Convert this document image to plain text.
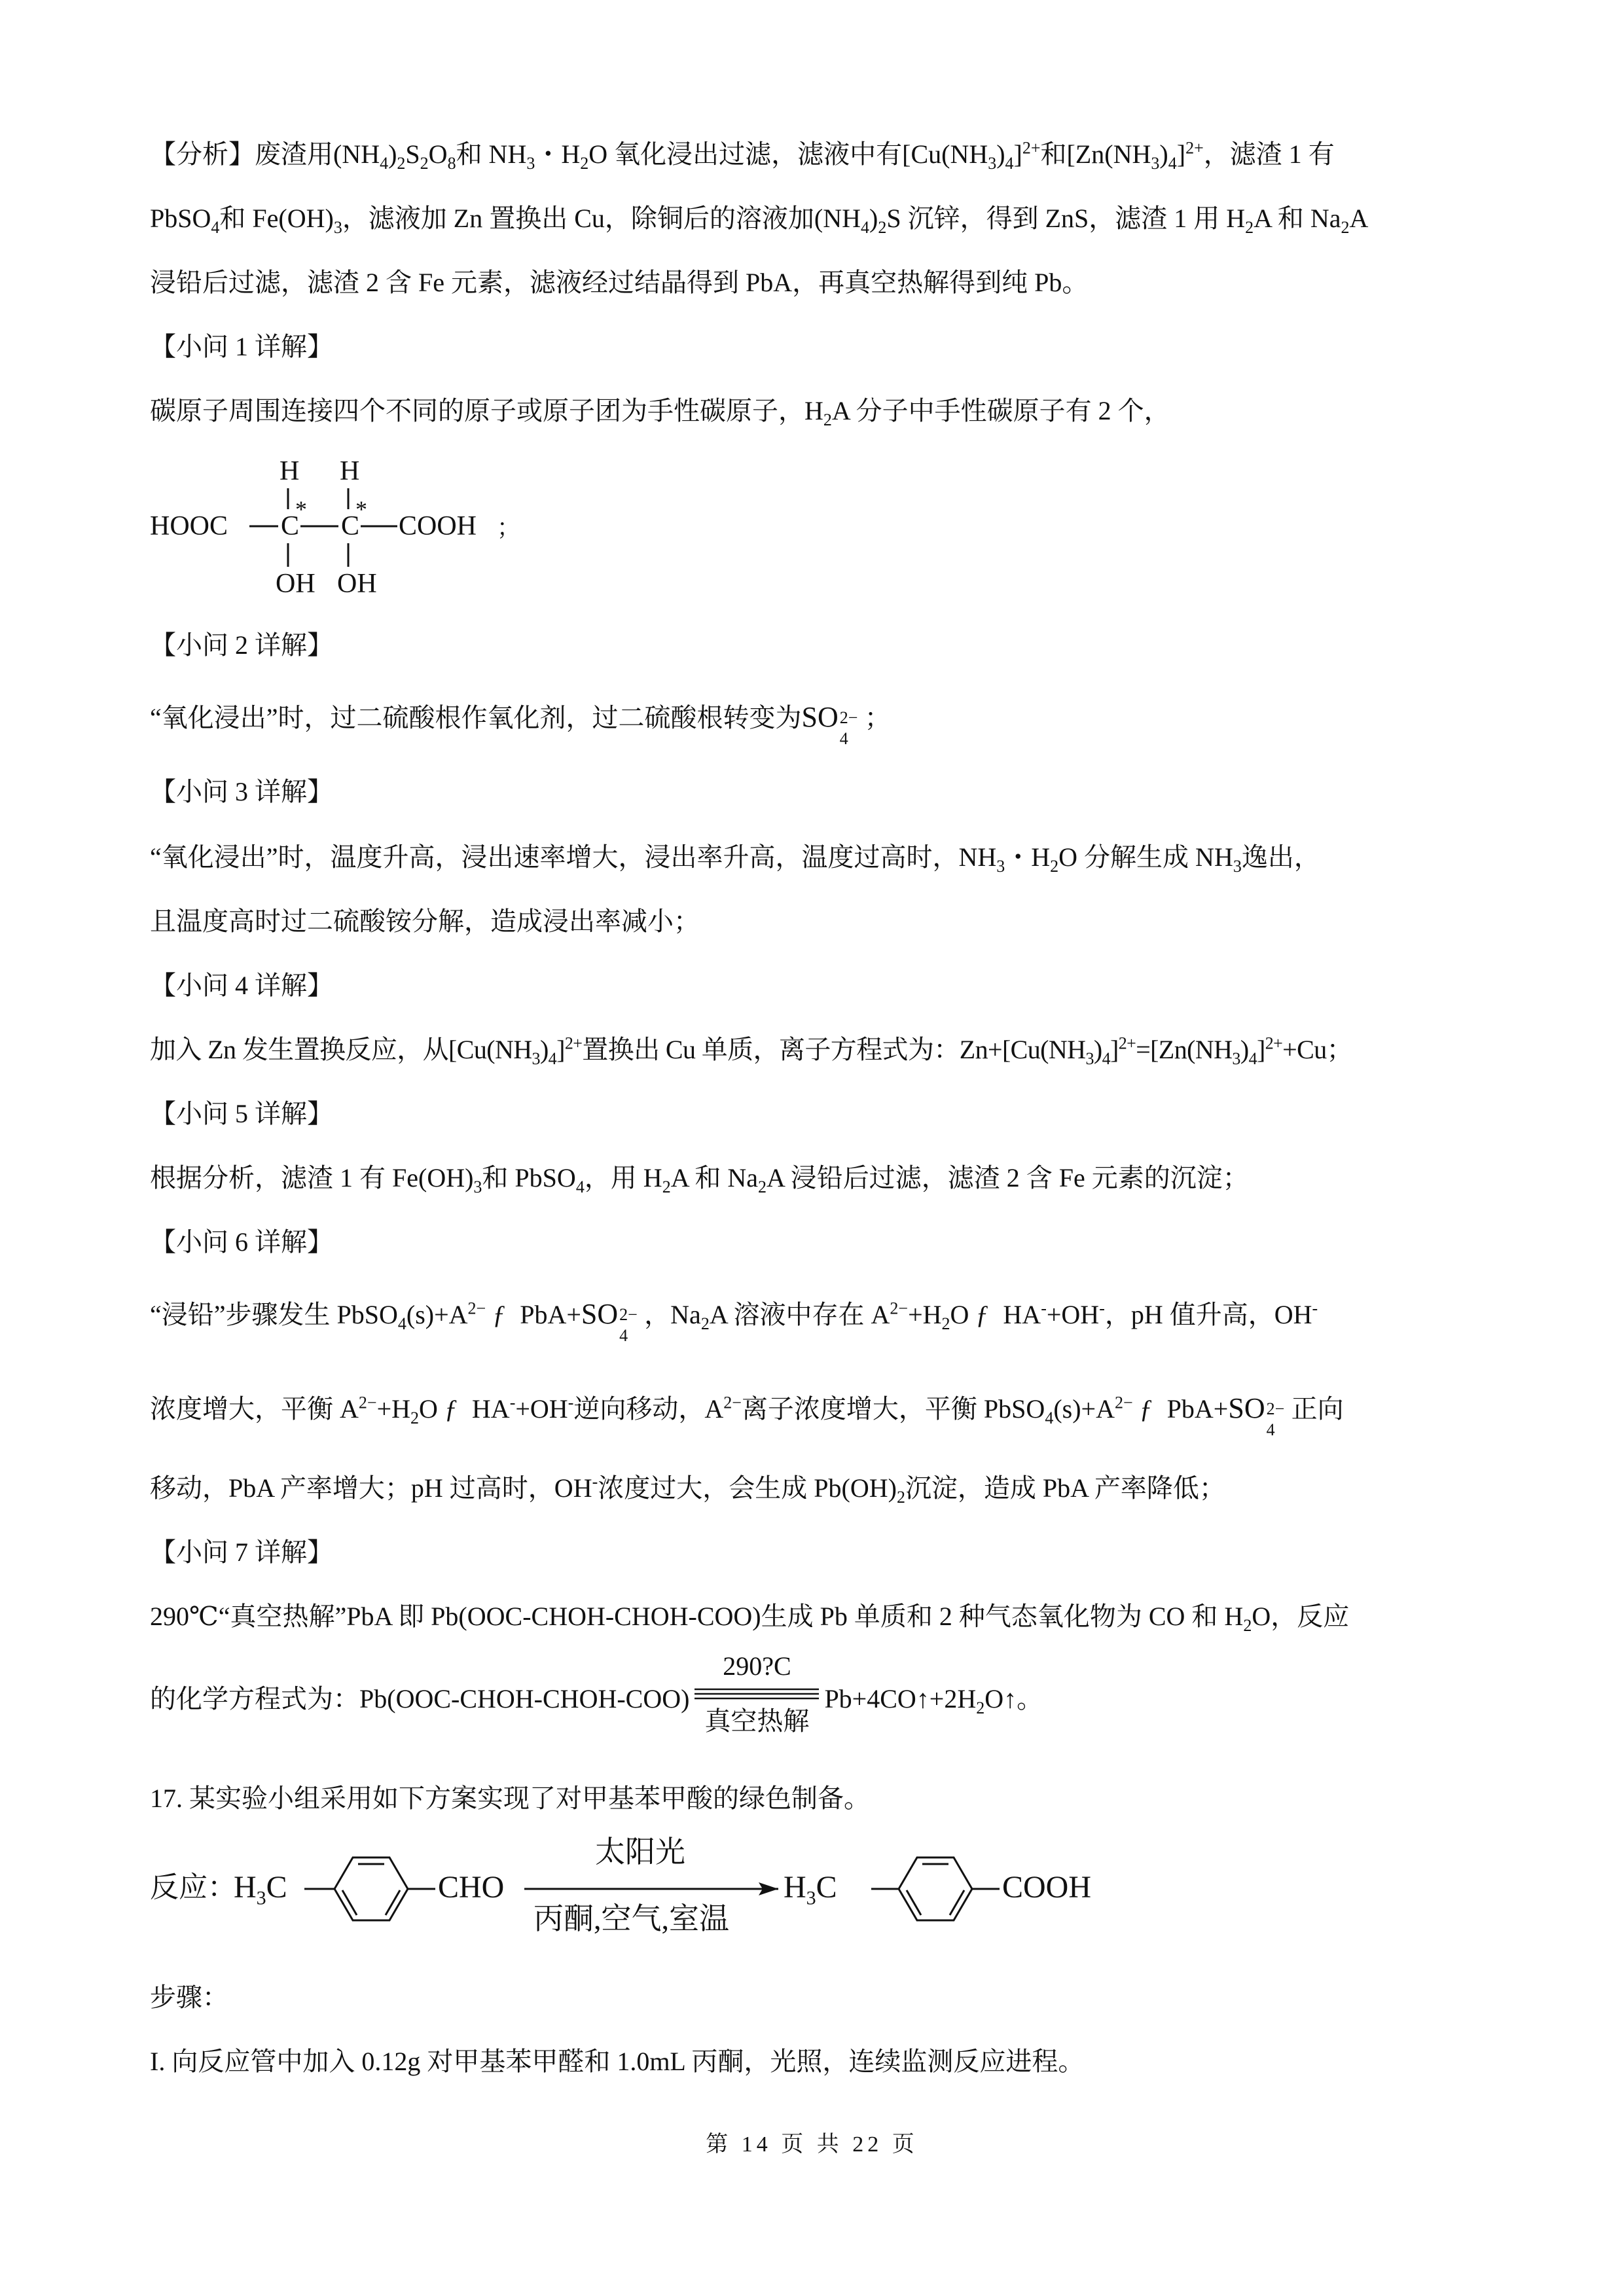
【分析】废渣用$(NH_4)_2S_2O_8$和 $NH_3$・$H_2O$ 氧化浸出过滤，滤液中有$[Cu(NH_3)_4]^{2+}$和$[Zn(NH_3)_4]^{2+}$，滤渣 1 有
PbSO$_4$和 $Fe(OH)_3$，滤液加 Zn 置换出 Cu，除铜后的溶液加$(NH_4)_2S$ 沉锌，得到 ZnS，滤渣 1 用 $H_2A$ 和 $Na_2A$
浸铅后过滤，滤渣 2 含 Fe 元素，滤液经过结晶得到 PbA，再真空热解得到纯 Pb。
【小问 1 详解】
碳原子周围连接四个不同的原子或原子团为手性碳原子，$H_2A$ 分子中手性碳原子有 2 个，
H H
HOOC C
*
C
*
COOH ；
OH OH
【小问 2 详解】
“氧化浸出”时，过二硫酸根作氧化剂，过二硫酸根转变为SO 2−
4
；
【小问 3 详解】
“氧化浸出”时，温度升高，浸出速率增大，浸出率升高，温度过高时，$NH_3$・$H_2O$ 分解生成 $NH_3$逸出，
且温度高时过二硫酸铵分解，造成浸出率减小；
【小问 4 详解】
加入 Zn 发生置换反应，从$[Cu(NH_3)_4]^{2+}$置换出 Cu 单质，离子方程式为：$Zn+[Cu(NH_3)_4]^{2+}=[Zn(NH_3)_4]^{2+}+Cu$；
【小问 5 详解】
根据分析，滤渣 1 有 $Fe(OH)_3$和 PbSO$_4$，用 $H_2A$ 和 $Na_2A$ 浸铅后过滤，滤渣 2 含 Fe 元素的沉淀；
【小问 6 详解】
“浸铅”步骤发生 $PbSO_4(s)+A^{2-}$ ƒ PbA+SO 2−
4
，$Na_2A$ 溶液中存在 $A^{2-}+H_2O$ ƒ HA-+OH-，pH 值升高，OH-
浓度增大，平衡 $A^{2-}+H_2O$ ƒ HA-+OH-逆向移动，$A^{2-}$离子浓度增大，平衡 $PbSO_4(s)+A^{2-}$ ƒ PbA+SO 2−
4
正向
移动，PbA 产率增大；pH 过高时，OH-浓度过大，会生成 $Pb(OH)_2$沉淀，造成 PbA 产率降低；
【小问 7 详解】
290℃“真空热解”PbA 即 Pb(OOC-CHOH-CHOH-COO)生成 Pb 单质和 2 种气态氧化物为 CO 和 $H_2O$，反应
的化学方程式为：Pb(OOC-CHOH-CHOH-COO)
290?C
真空热解
$Pb+4CO↑+2H_2O↑$。
17. 某实验小组采用如下方案实现了对甲基苯甲酸的绿色制备。
反应：
$H_3C$	CHO
太阳光
丙酮,空气,室温
$H_3C$	COOH
步骤：
I. 向反应管中加入 0.12g 对甲基苯甲醛和 1.0mL 丙酮，光照，连续监测反应进程。
第 14 页 共 22 页
